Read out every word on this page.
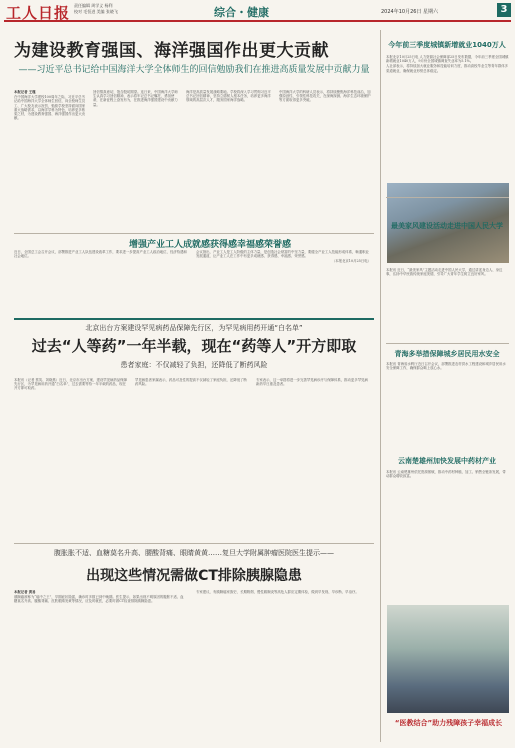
工人日报 责任编辑 周学义 杨利
校对 毛恒进 美编 张晓飞	综合・健康	2024年10月26日 星期六	3
为建设教育强国、海洋强国作出更大贡献
——习近平总书记给中国海洋大学全体师生的回信勉励我们在推进高质量发展中贡献力量

本报记者 王瑾

在中国海洋大学建校100周年之际，习近平总书记给中国海洋大学全体师生回信，向全校师生员工、广大校友表示祝贺，勉励学校坚持面向国家重大战略需求，以海洋学科为特色，培养更多栋梁之材，为建设教育强国、海洋强国作出更大贡献。

回信情真意切，饱含殷切期望。连日来，中国海洋大学师生认真学习回信精神，表示将牢记总书记嘱托，勇担使命，在新征程上奋发有为，在推进海洋强国建设中贡献力量。

海洋是高质量发展战略要地。学校将深入学习贯彻习近平总书记回信精神，坚持立德树人根本任务，培养更多海洋领域的高层次人才，服务国家海洋战略。

中国海洋大学的科研人员表示，将持续聚焦海洋科技前沿，加强原创性、引领性科技攻关，在深海探测、海洋生态环境保护等方面取得更多突破。

增强产业工人成就感获得感幸福感荣誉感

近日，全国总工会召开会议，部署推进产业工人队伍建设改革工作，要求进一步提高产业工人政治地位、经济待遇和社会地位。

会议指出，产业工人是工人阶级的主体力量，是创造社会财富的中坚力量，要健全产业工人技能形成体系，畅通职业发展通道，让产业工人在工作中有更多成就感、获得感、幸福感、荣誉感。

（本报北京10月25日电）

北京出台方案建设罕见病药品保障先行区，为罕见病用药开通“白名单”
过去“人等药”一年半载，现在“药等人”开方即取
患者家庭：不仅减轻了负担，还降低了断药风险

本报讯（记者 蔡英、刘晓燕）近日，北京市出台方案，建设罕见病药品保障先行区，为罕见病用药开通“白名单”，过去需要等待一年半载的药品，现在开方即可取药。

罕见病患者家属表示，药品可及性的提高不仅减轻了家庭负担，还降低了断药风险。

专家表示，这一举措将进一步完善罕见病诊疗与保障体系，推动更多罕见病新药早日惠及患者。

腹胀胀不适、血糖莫名升高、腰酸背痛、眼睛黄黄……复旦大学附属肿瘤医院医生提示——
出现这些情况需做CT排除胰腺隐患

本报记者 黄易

胰腺癌被称为“癌中之王”，早期症状隐匿，确诊时多数已到中晚期。医生提示，如果出现不明原因的腹胀不适、血糖莫名升高、腰酸背痛、皮肤眼睛发黄等情况，应及时就医，必要时做CT检查排除胰腺隐患。

专家建议，有胰腺癌家族史、长期吸烟、慢性胰腺炎等高危人群应定期体检，做到早发现、早诊断、早治疗。

今年前三季度城镇新增就业1040万人

本报北京10月25日电 人力资源社会保障部25日发布数据，今年前三季度全国城镇新增就业1040万人，9月份全国城镇调查失业率为5.1%。

人社部表示，将持续加大就业服务和技能培训力度，推动高校毕业生等青年群体多渠道就业，确保就业形势总体稳定。

最美家风建设活动走进中国人民大学

本报讯 近日，“最美家风”主题活动走进中国人民大学，通过讲述身边人、身边事，弘扬中华民族传统家庭美德，引导广大青年学生树立良好家风。

青海多举措保障城乡居民用水安全

本报讯 青海省水利厅近日召开会议，部署推进农村供水工程建设和城乡居民用水安全保障工作，确保群众喝上放心水。

云南楚雄州加快发展中药材产业

本报讯 云南楚雄州依托资源禀赋，推动中药材种植、加工、销售全链条发展，带动群众增收致富。

“医教结合”助力残障孩子幸福成长
